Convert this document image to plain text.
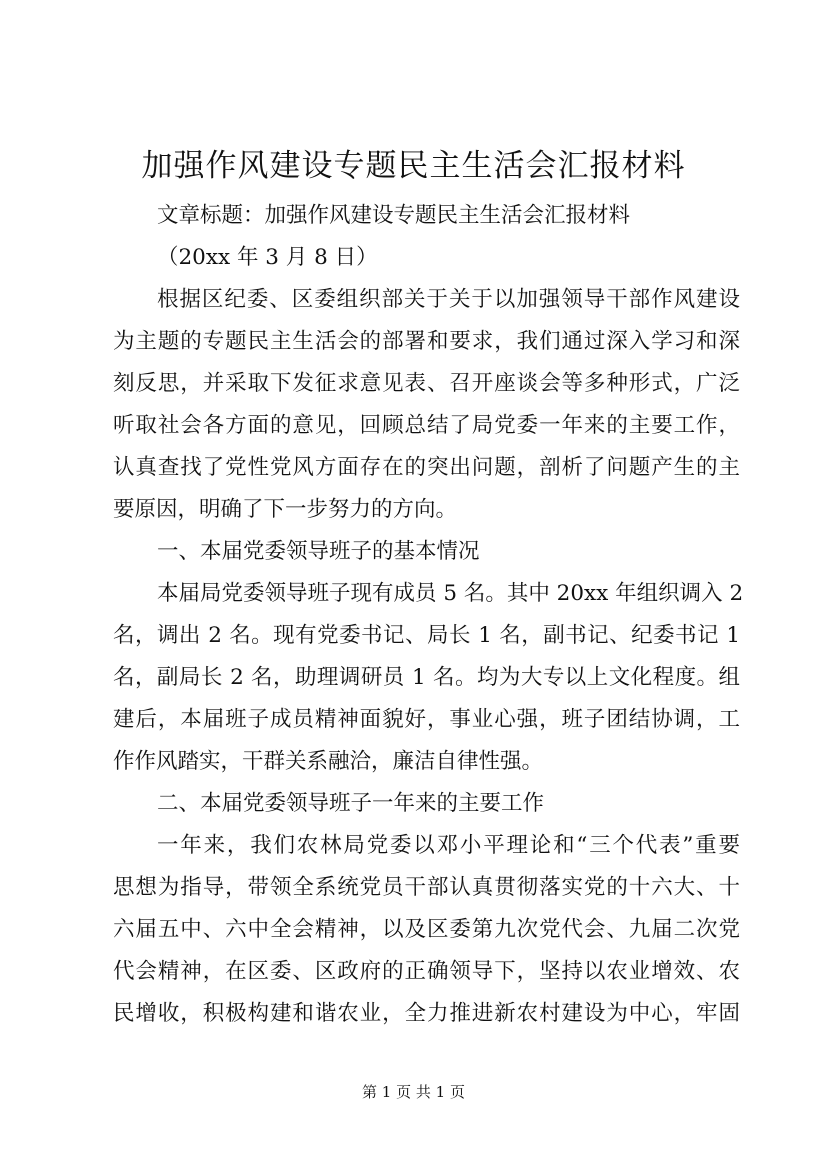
加强作风建设专题民主生活会汇报材料

文章标题：加强作风建设专题民主生活会汇报材料

（20xx 年 3 月 8 日）

根据区纪委、区委组织部关于关于以加强领导干部作风建设

为主题的专题民主生活会的部署和要求，我们通过深入学习和深

刻反思，并采取下发征求意见表、召开座谈会等多种形式，广泛

听取社会各方面的意见，回顾总结了局党委一年来的主要工作，

认真查找了党性党风方面存在的突出问题，剖析了问题产生的主

要原因，明确了下一步努力的方向。

一、本届党委领导班子的基本情况

本届局党委领导班子现有成员 5 名。其中 20xx 年组织调入 2

名，调出 2 名。现有党委书记、局长 1 名，副书记、纪委书记 1

名，副局长 2 名，助理调研员 1 名。均为大专以上文化程度。组

建后，本届班子成员精神面貌好，事业心强，班子团结协调，工

作作风踏实，干群关系融洽，廉洁自律性强。

二、本届党委领导班子一年来的主要工作

一年来，我们农林局党委以邓小平理论和“三个代表”重要

思想为指导，带领全系统党员干部认真贯彻落实党的十六大、十

六届五中、六中全会精神，以及区委第九次党代会、九届二次党

代会精神，在区委、区政府的正确领导下，坚持以农业增效、农

民增收，积极构建和谐农业，全力推进新农村建设为中心，牢固

第 1 页 共 1 页
